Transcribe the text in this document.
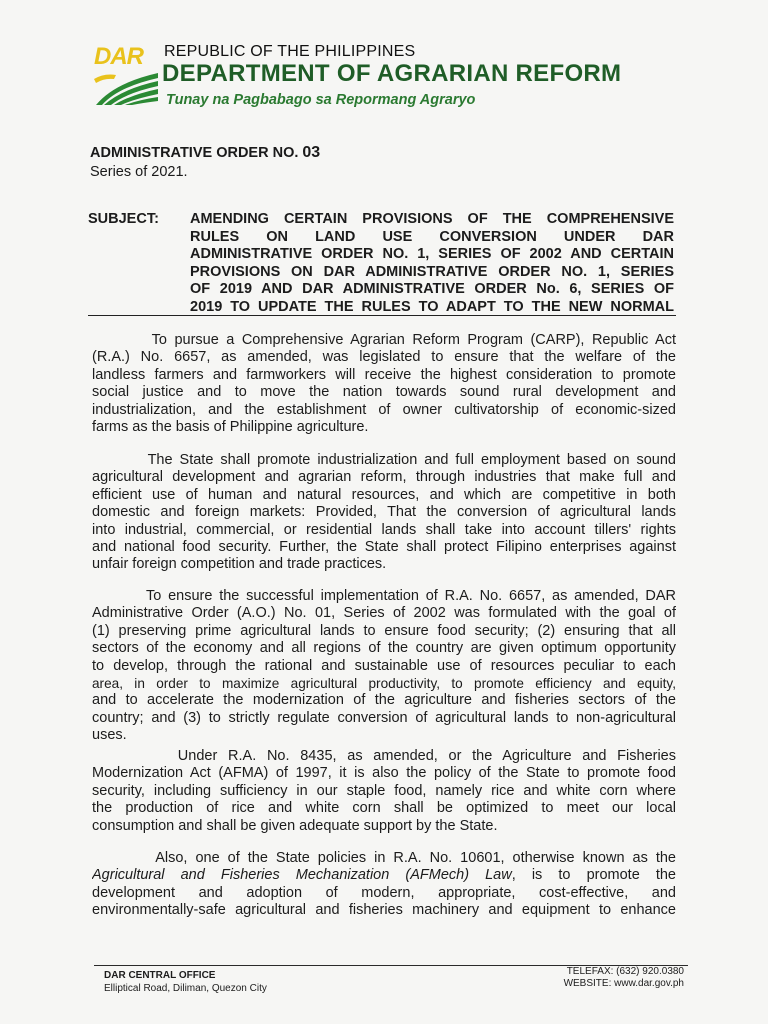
DAR	REPUBLIC OF THE PHILIPPINES
DEPARTMENT OF AGRARIAN REFORM
Tunay na Pagbabago sa Repormang Agraryo
ADMINISTRATIVE ORDER NO. 03
Series of 2021.
SUBJECT: AMENDING CERTAIN PROVISIONS OF THE COMPREHENSIVE
RULES ON LAND USE CONVERSION UNDER DAR
ADMINISTRATIVE ORDER NO. 1, SERIES OF 2002 AND CERTAIN
PROVISIONS ON DAR ADMINISTRATIVE ORDER NO. 1, SERIES
OF 2019 AND DAR ADMINISTRATIVE ORDER No. 6, SERIES OF
2019 TO UPDATE THE RULES TO ADAPT TO THE NEW NORMAL
To pursue a Comprehensive Agrarian Reform Program (CARP), Republic Act
(R.A.) No. 6657, as amended, was legislated to ensure that the welfare of the
landless farmers and farmworkers will receive the highest consideration to promote
social justice and to move the nation towards sound rural development and
industrialization, and the establishment of owner cultivatorship of economic-sized
farms as the basis of Philippine agriculture.
The State shall promote industrialization and full employment based on sound
agricultural development and agrarian reform, through industries that make full and
efficient use of human and natural resources, and which are competitive in both
domestic and foreign markets: Provided, That the conversion of agricultural lands
into industrial, commercial, or residential lands shall take into account tillers' rights
and national food security. Further, the State shall protect Filipino enterprises against
unfair foreign competition and trade practices.
To ensure the successful implementation of R.A. No. 6657, as amended, DAR
Administrative Order (A.O.) No. 01, Series of 2002 was formulated with the goal of
(1) preserving prime agricultural lands to ensure food security; (2) ensuring that all
sectors of the economy and all regions of the country are given optimum opportunity
to develop, through the rational and sustainable use of resources peculiar to each
area, in order to maximize agricultural productivity, to promote efficiency and equity,
and to accelerate the modernization of the agriculture and fisheries sectors of the
country; and (3) to strictly regulate conversion of agricultural lands to non-agricultural
uses.
Under R.A. No. 8435, as amended, or the Agriculture and Fisheries
Modernization Act (AFMA) of 1997, it is also the policy of the State to promote food
security, including sufficiency in our staple food, namely rice and white corn where
the production of rice and white corn shall be optimized to meet our local
consumption and shall be given adequate support by the State.
Also, one of the State policies in R.A. No. 10601, otherwise known as the
Agricultural and Fisheries Mechanization (AFMech) Law, is to promote the
development and adoption of modern, appropriate, cost-effective, and
environmentally-safe agricultural and fisheries machinery and equipment to enhance
DAR CENTRAL OFFICE
Elliptical Road, Diliman, Quezon City
TELEFAX: (632) 920.0380
WEBSITE: www.dar.gov.ph
